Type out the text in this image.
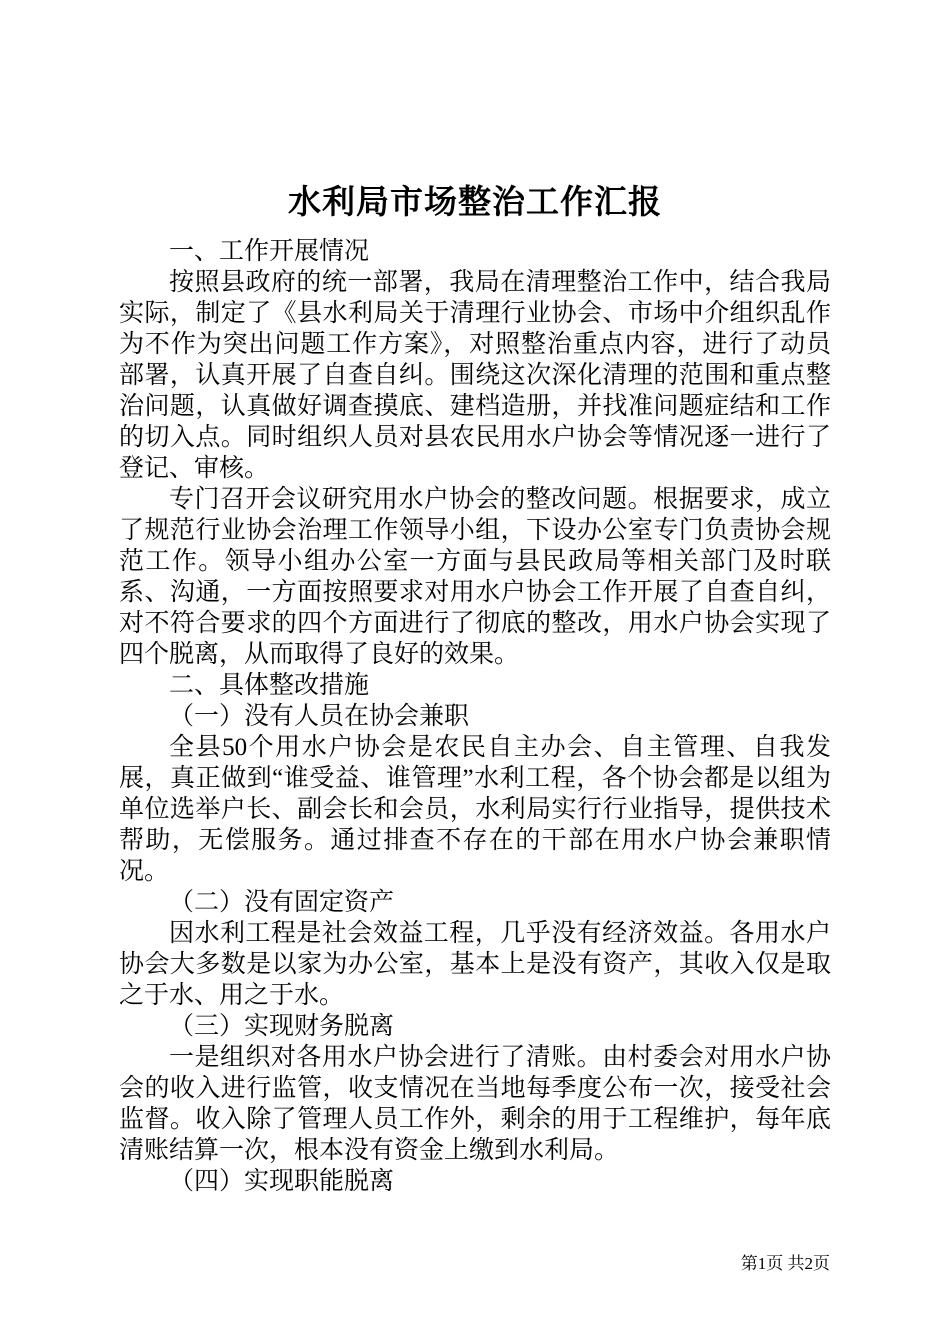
水利局市场整治工作汇报

一、工作开展情况

按照县政府的统一部署，我局在清理整治工作中，结合我局实际，制定了《县水利局关于清理行业协会、市场中介组织乱作为不作为突出问题工作方案》，对照整治重点内容，进行了动员部署，认真开展了自查自纠。围绕这次深化清理的范围和重点整治问题，认真做好调查摸底、建档造册，并找准问题症结和工作的切入点。同时组织人员对县农民用水户协会等情况逐一进行了登记、审核。

专门召开会议研究用水户协会的整改问题。根据要求，成立了规范行业协会治理工作领导小组，下设办公室专门负责协会规范工作。领导小组办公室一方面与县民政局等相关部门及时联系、沟通，一方面按照要求对用水户协会工作开展了自查自纠，对不符合要求的四个方面进行了彻底的整改，用水户协会实现了四个脱离，从而取得了良好的效果。

二、具体整改措施

（一）没有人员在协会兼职

全县50个用水户协会是农民自主办会、自主管理、自我发展，真正做到“谁受益、谁管理”水利工程，各个协会都是以组为单位选举户长、副会长和会员，水利局实行行业指导，提供技术帮助，无偿服务。通过排查不存在的干部在用水户协会兼职情况。

（二）没有固定资产

因水利工程是社会效益工程，几乎没有经济效益。各用水户协会大多数是以家为办公室，基本上是没有资产，其收入仅是取之于水、用之于水。

（三）实现财务脱离

一是组织对各用水户协会进行了清账。由村委会对用水户协会的收入进行监管，收支情况在当地每季度公布一次，接受社会监督。收入除了管理人员工作外，剩余的用于工程维护，每年底清账结算一次，根本没有资金上缴到水利局。

（四）实现职能脱离

第1页 共2页
